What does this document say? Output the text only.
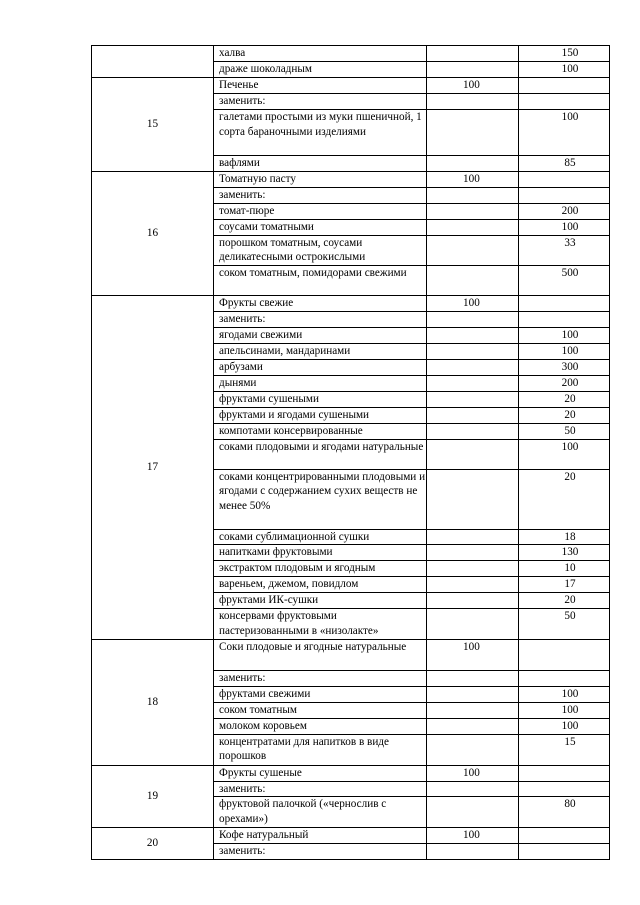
	халва		150
	драже шоколадным		100
15	Печенье	100	
	заменить:		
	галетами простыми из муки пшеничной, 1 сорта бараночными изделиями		100
	вафлями		85
16	Томатную пасту	100	
	заменить:		
	томат-пюре		200
	соусами томатными		100
	порошком томатным, соусами деликатесными острокислыми		33
	соком томатным, помидорами свежими		500
17	Фрукты свежие	100	
	заменить:		
	ягодами свежими		100
	апельсинами, мандаринами		100
	арбузами		300
	дынями		200
	фруктами сушеными		20
	фруктами и ягодами сушеными		20
	компотами консервированные		50
	соками плодовыми и ягодами натуральные		100
	соками концентрированными плодовыми и ягодами с содержанием сухих веществ не менее 50%		20
	соками сублимационной сушки		18
	напитками фруктовыми		130
	экстрактом плодовым и ягодным		10
	вареньем, джемом, повидлом		17
	фруктами ИК-сушки		20
	консервами фруктовыми пастеризованными в «низолакте»		50
18	Соки плодовые и ягодные натуральные	100	
	заменить:		
	фруктами свежими		100
	соком томатным		100
	молоком коровьем		100
	концентратами для напитков в виде порошков		15
19	Фрукты сушеные	100	
	заменить:		
	фруктовой палочкой («чернослив с орехами»)		80
20	Кофе натуральный	100	
	заменить:		
